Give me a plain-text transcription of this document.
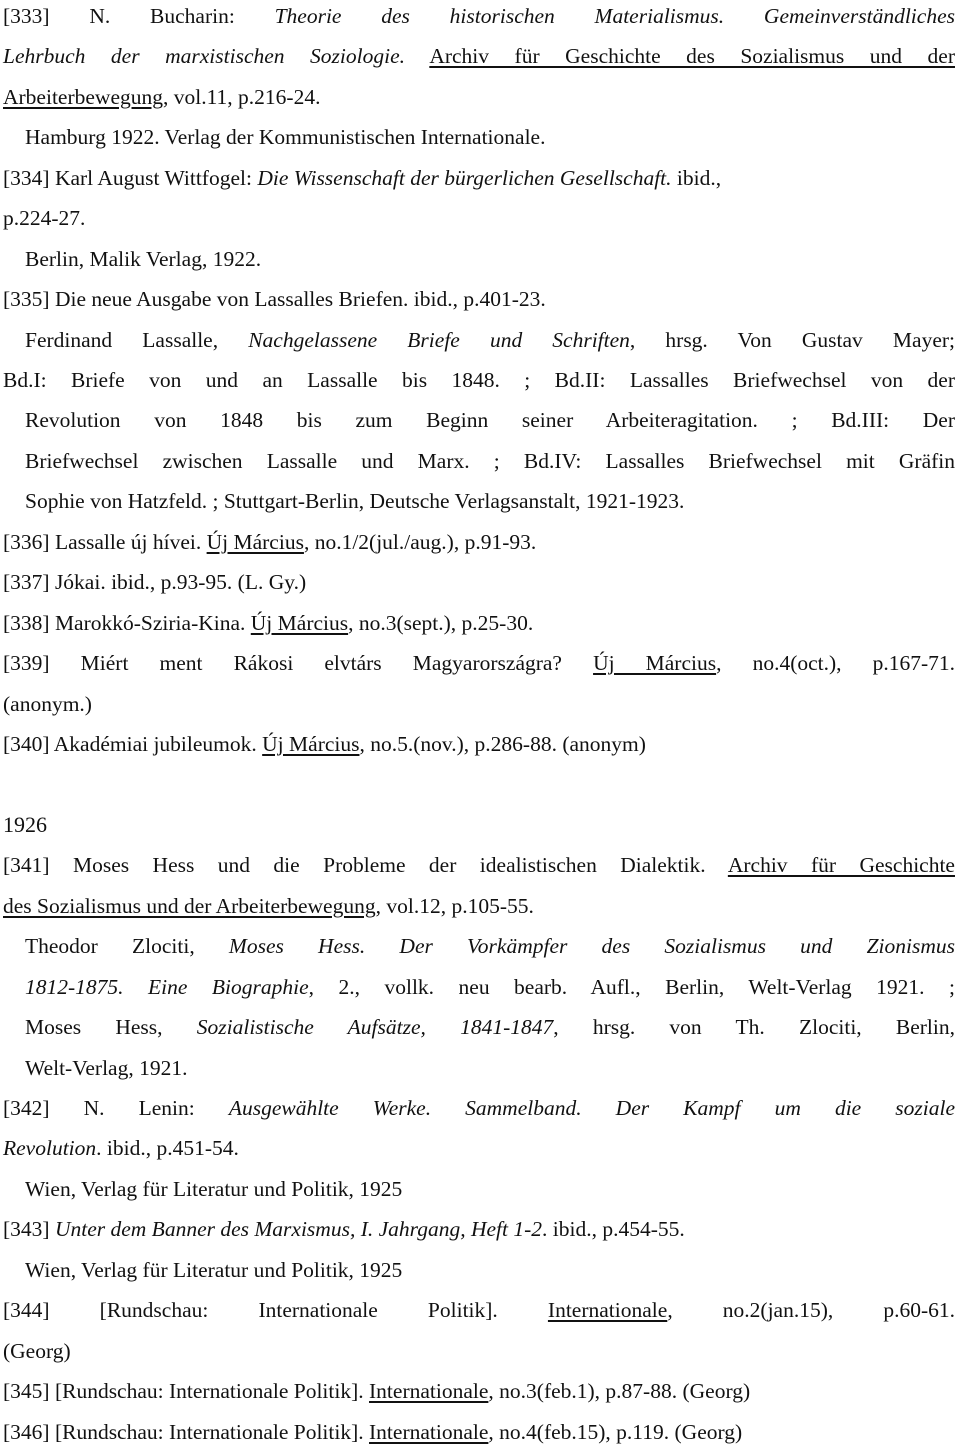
[333] N. Bucharin: Theorie des historischen Materialismus. Gemeinverständliches
Lehrbuch der marxistischen Soziologie. Archiv für Geschichte des Sozialismus und der
Arbeiterbewegung, vol.11, p.216-24.
Hamburg 1922. Verlag der Kommunistischen Internationale.
[334] Karl August Wittfogel: Die Wissenschaft der bürgerlichen Gesellschaft. ibid.,
p.224-27.
Berlin, Malik Verlag, 1922.
[335] Die neue Ausgabe von Lassalles Briefen. ibid., p.401-23.
Ferdinand Lassalle, Nachgelassene Briefe und Schriften, hrsg. Von Gustav Mayer;
Bd.I: Briefe von und an Lassalle bis 1848. ; Bd.II: Lassalles Briefwechsel von der
Revolution von 1848 bis zum Beginn seiner Arbeiteragitation. ; Bd.III: Der
Briefwechsel zwischen Lassalle und Marx. ; Bd.IV: Lassalles Briefwechsel mit Gräfin
Sophie von Hatzfeld. ; Stuttgart-Berlin, Deutsche Verlagsanstalt, 1921-1923.
[336] Lassalle új hívei. Új Március, no.1/2(jul./aug.), p.91-93.
[337] Jókai. ibid., p.93-95. (L. Gy.)
[338] Marokkó-Sziria-Kina. Új Március, no.3(sept.), p.25-30.
[339] Miért ment Rákosi elvtárs Magyarországra? Új Március, no.4(oct.), p.167-71.
(anonym.)
[340] Akadémiai jubileumok. Új Március, no.5.(nov.), p.286-88. (anonym)
1926
[341] Moses Hess und die Probleme der idealistischen Dialektik. Archiv für Geschichte
des Sozialismus und der Arbeiterbewegung, vol.12, p.105-55.
Theodor Zlociti, Moses Hess. Der Vorkämpfer des Sozialismus und Zionismus
1812-1875. Eine Biographie, 2., vollk. neu bearb. Aufl., Berlin, Welt-Verlag 1921. ;
Moses Hess, Sozialistische Aufsätze, 1841-1847, hrsg. von Th. Zlociti, Berlin,
Welt-Verlag, 1921.
[342] N. Lenin: Ausgewählte Werke. Sammelband. Der Kampf um die soziale
Revolution. ibid., p.451-54.
Wien, Verlag für Literatur und Politik, 1925
[343] Unter dem Banner des Marxismus, I. Jahrgang, Heft 1-2. ibid., p.454-55.
Wien, Verlag für Literatur und Politik, 1925
[344] [Rundschau: Internationale Politik]. Internationale, no.2(jan.15), p.60-61.
(Georg)
[345] [Rundschau: Internationale Politik]. Internationale, no.3(feb.1), p.87-88. (Georg)
[346] [Rundschau: Internationale Politik]. Internationale, no.4(feb.15), p.119. (Georg)
